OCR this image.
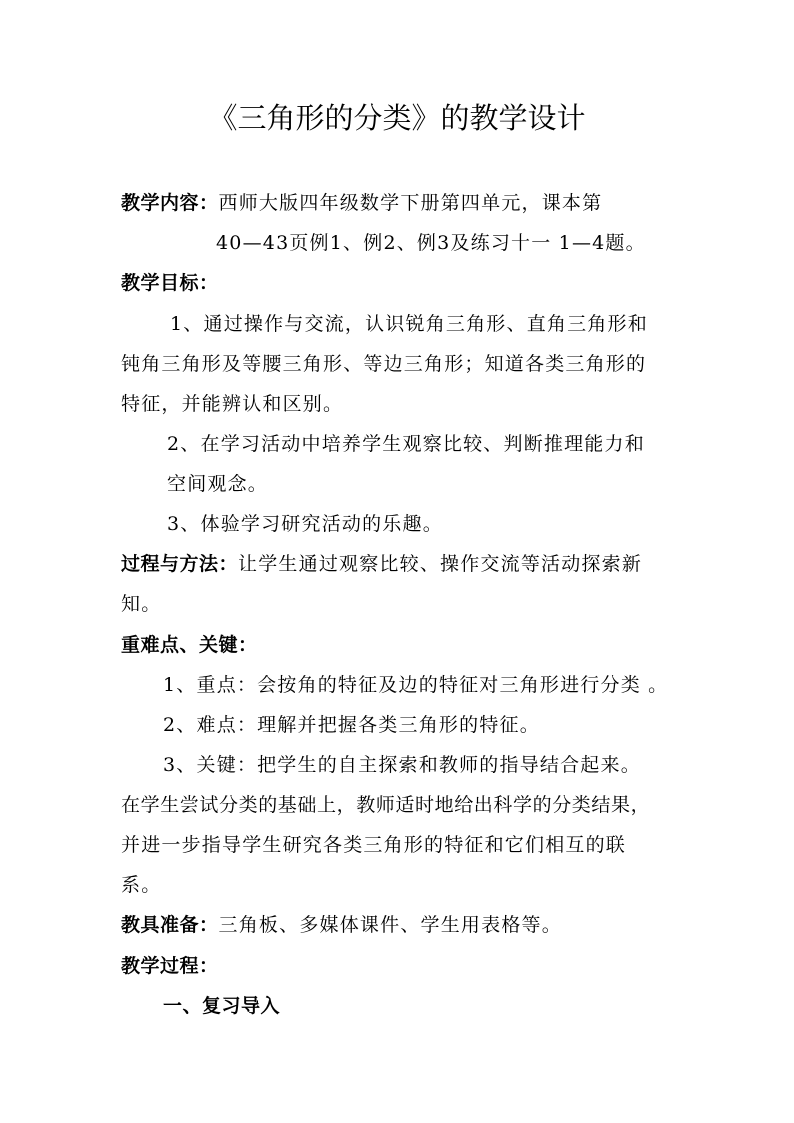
《三角形的分类》的教学设计
教学内容：西师大版四年级数学下册第四单元，课本第
40—43页例1、例2、例3及练习十一 1—4题。
教学目标：
1、通过操作与交流，认识锐角三角形、直角三角形和
钝角三角形及等腰三角形、等边三角形；知道各类三角形的
特征，并能辨认和区别。
2、在学习活动中培养学生观察比较、判断推理能力和
空间观念。
3、体验学习研究活动的乐趣。
过程与方法：让学生通过观察比较、操作交流等活动探索新
知。
重难点、关键：
1、重点：会按角的特征及边的特征对三角形进行分类 。
2、难点：理解并把握各类三角形的特征。
3、关键：把学生的自主探索和教师的指导结合起来。
在学生尝试分类的基础上，教师适时地给出科学的分类结果，
并进一步指导学生研究各类三角形的特征和它们相互的联
系。
教具准备：三角板、多媒体课件、学生用表格等。
教学过程：
一、复习导入
